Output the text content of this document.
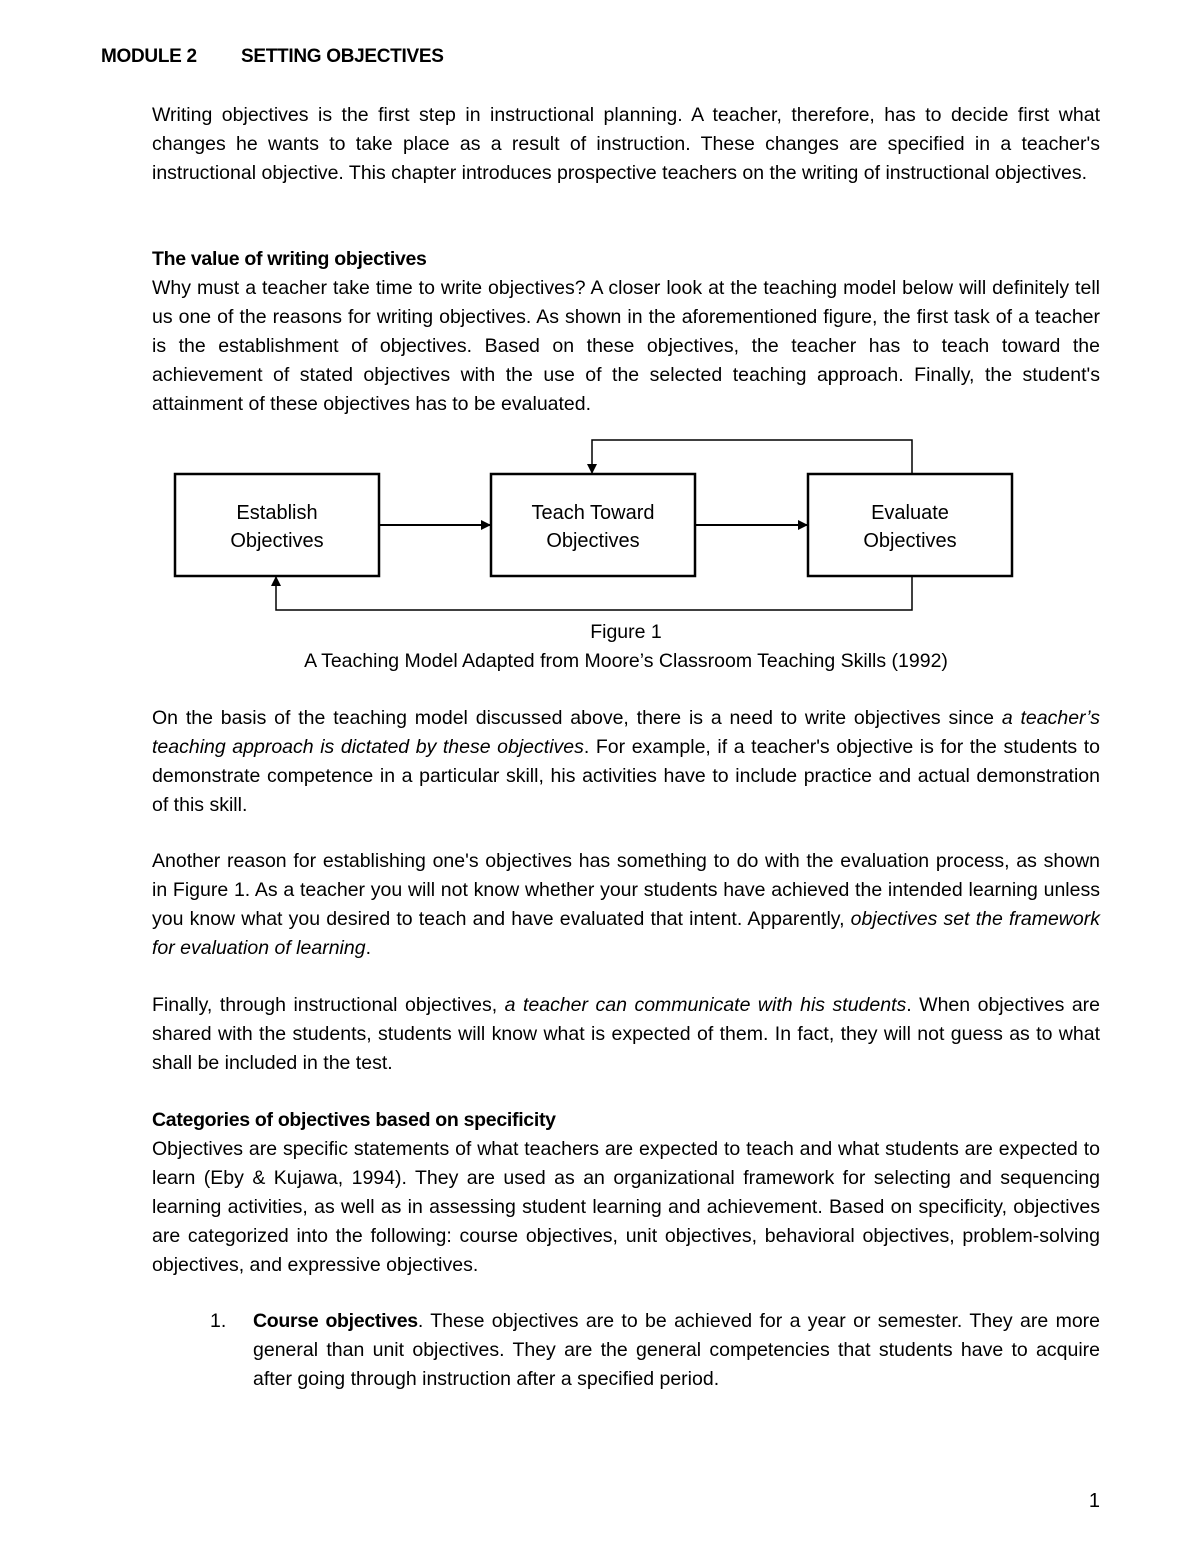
MODULE 2 SETTING OBJECTIVES
Writing objectives is the first step in instructional planning. A teacher, therefore, has to decide first what changes he wants to take place as a result of instruction. These changes are specified in a teacher's instructional objective. This chapter introduces prospective teachers on the writing of instructional objectives.
The value of writing objectives
Why must a teacher take time to write objectives? A closer look at the teaching model below will definitely tell us one of the reasons for writing objectives. As shown in the aforementioned figure, the first task of a teacher is the establishment of objectives. Based on these objectives, the teacher has to teach toward the achievement of stated objectives with the use of the selected teaching approach. Finally, the student's attainment of these objectives has to be evaluated.
Establish
Objectives
Teach Toward
Objectives
Evaluate
Objectives
Figure 1
A Teaching Model Adapted from Moore’s Classroom Teaching Skills (1992)
On the basis of the teaching model discussed above, there is a need to write objectives since a teacher’s teaching approach is dictated by these objectives. For example, if a teacher's objective is for the students to demonstrate competence in a particular skill, his activities have to include practice and actual demonstration of this skill.
Another reason for establishing one's objectives has something to do with the evaluation process, as shown in Figure 1. As a teacher you will not know whether your students have achieved the intended learning unless you know what you desired to teach and have evaluated that intent. Apparently, objectives set the framework for evaluation of learning.
Finally, through instructional objectives, a teacher can communicate with his students. When objectives are shared with the students, students will know what is expected of them. In fact, they will not guess as to what shall be included in the test.
Categories of objectives based on specificity
Objectives are specific statements of what teachers are expected to teach and what students are expected to learn (Eby & Kujawa, 1994). They are used as an organizational framework for selecting and sequencing learning activities, as well as in assessing student learning and achievement. Based on specificity, objectives are categorized into the following: course objectives, unit objectives, behavioral objectives, problem-solving objectives, and expressive objectives.
1. Course objectives. These objectives are to be achieved for a year or semester. They are more general than unit objectives. They are the general competencies that students have to acquire after going through instruction after a specified period.
1
